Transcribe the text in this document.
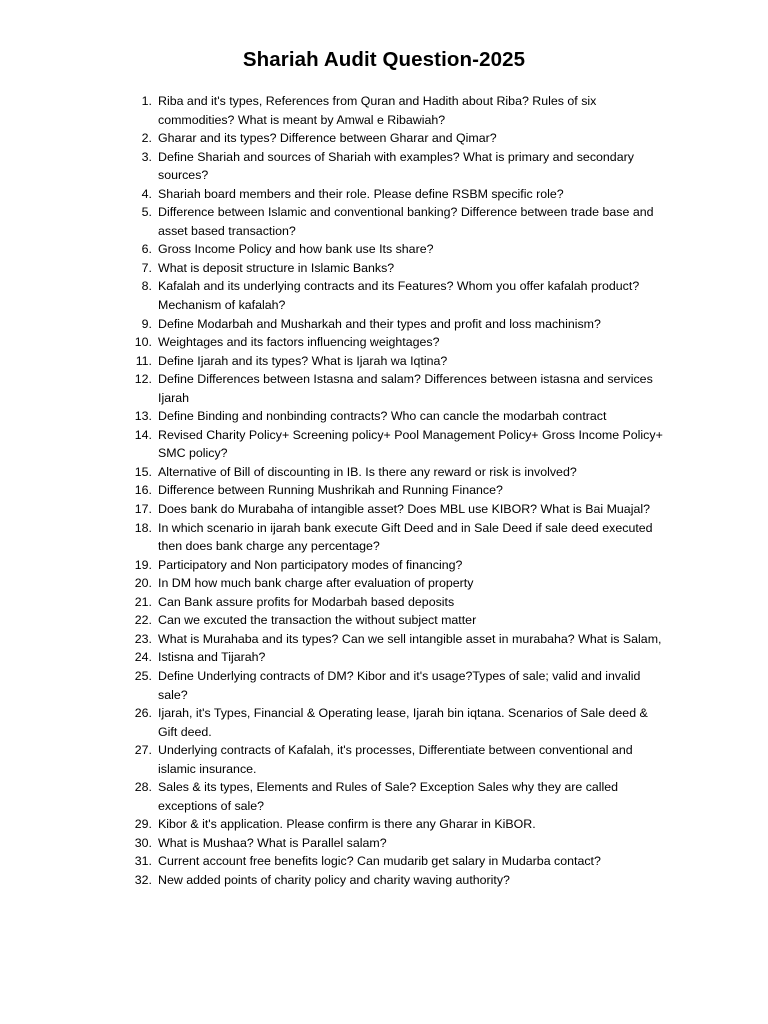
Shariah Audit Question-2025
1. Riba and it's types, References from Quran and Hadith about Riba? Rules of six commodities? What is meant by Amwal e Ribawiah?
2. Gharar and its types? Difference between Gharar and Qimar?
3. Define Shariah and sources of Shariah with examples? What is primary and secondary sources?
4. Shariah board members and their role. Please define RSBM specific role?
5. Difference between Islamic and conventional banking? Difference between trade base and asset based transaction?
6. Gross Income Policy and how bank use Its share?
7. What is deposit structure in Islamic Banks?
8. Kafalah and its underlying contracts and its Features? Whom you offer kafalah product? Mechanism of kafalah?
9. Define Modarbah and Musharkah and their types and profit and loss machinism?
10. Weightages and its factors influencing weightages?
11. Define Ijarah and its types? What is Ijarah wa Iqtina?
12. Define Differences between Istasna and salam? Differences between istasna and services Ijarah
13. Define Binding and nonbinding contracts? Who can cancle the modarbah contract
14. Revised Charity Policy+ Screening policy+ Pool Management Policy+ Gross Income Policy+ SMC policy?
15. Alternative of Bill of discounting in IB. Is there any reward or risk is involved?
16. Difference between Running Mushrikah and Running Finance?
17. Does bank do Murabaha of intangible asset? Does MBL use KIBOR? What is Bai Muajal?
18. In which scenario in ijarah bank execute Gift Deed and in Sale Deed if sale deed executed then does bank charge any percentage?
19. Participatory and Non participatory modes of financing?
20. In DM how much bank charge after evaluation of property
21. Can Bank assure profits for Modarbah based deposits
22. Can we excuted the transaction the without subject matter
23. What is Murahaba and its types? Can we sell intangible asset in murabaha? What is Salam,
24. Istisna and Tijarah?
25. Define Underlying contracts of DM? Kibor and it's usage?Types of sale; valid and invalid sale?
26. Ijarah, it's Types, Financial & Operating lease, Ijarah bin iqtana. Scenarios of Sale deed & Gift deed.
27. Underlying contracts of Kafalah, it's processes, Differentiate between conventional and islamic insurance.
28. Sales & its types, Elements and Rules of Sale? Exception Sales why they are called exceptions of sale?
29. Kibor & it's application. Please confirm is there any Gharar in KiBOR.
30. What is Mushaa? What is Parallel salam?
31. Current account free benefits logic? Can mudarib get salary in Mudarba contact?
32. New added points of charity policy and charity waving authority?
